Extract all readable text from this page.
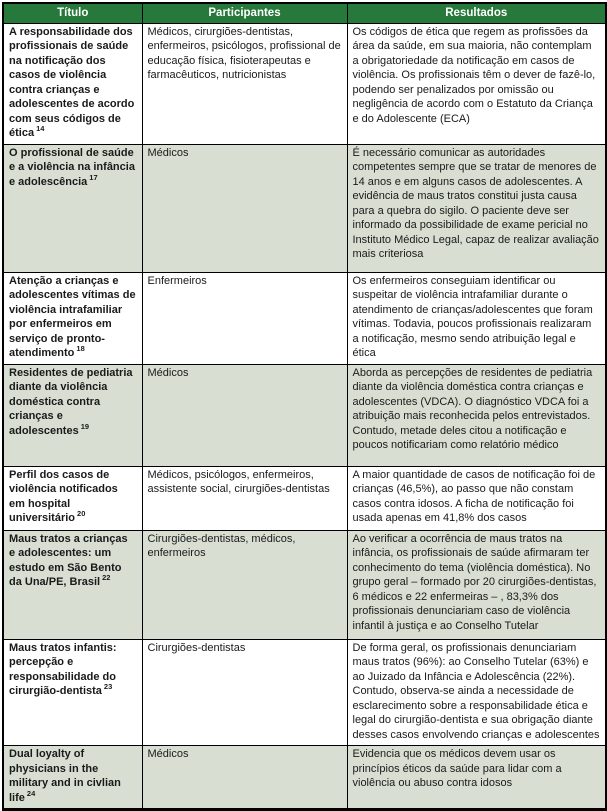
Título	Participantes	Resultados
A responsabilidade dos profissionais de saúde na notificação dos casos de violência contra crianças e adolescentes de acordo com seus códigos de ética $^{14}$	Médicos, cirurgiões-dentistas, enfermeiros, psicólogos, profissional de educação física, fisioterapeutas e farmacêuticos, nutricionistas	Os códigos de ética que regem as profissões da área da saúde, em sua maioria, não contemplam a obrigatoriedade da notificação em casos de violência. Os profissionais têm o dever de fazê-lo, podendo ser penalizados por omissão ou negligência de acordo com o Estatuto da Criança e do Adolescente (ECA)
O profissional de saúde e a violência na infância e adolescência $^{17}$	Médicos	É necessário comunicar as autoridades competentes sempre que se tratar de menores de 14 anos e em alguns casos de adolescentes. A evidência de maus tratos constitui justa causa para a quebra do sigilo. O paciente deve ser informado da possibilidade de exame pericial no Instituto Médico Legal, capaz de realizar avaliação mais criteriosa
Atenção a crianças e adolescentes vítimas de violência intrafamiliar por enfermeiros em serviço de pronto-atendimento $^{18}$	Enfermeiros	Os enfermeiros conseguiam identificar ou suspeitar de violência intrafamiliar durante o atendimento de crianças/adolescentes que foram vítimas. Todavia, poucos profissionais realizaram a notificação, mesmo sendo atribuição legal e ética
Residentes de pediatria diante da violência doméstica contra crianças e adolescentes $^{19}$	Médicos	Aborda as percepções de residentes de pediatria diante da violência doméstica contra crianças e adolescentes (VDCA). O diagnóstico VDCA foi a atribuição mais reconhecida pelos entrevistados. Contudo, metade deles citou a notificação e poucos notificariam como relatório médico
Perfil dos casos de violência notificados em hospital universitário $^{20}$	Médicos, psicólogos, enfermeiros, assistente social, cirurgiões-dentistas	A maior quantidade de casos de notificação foi de crianças (46,5%), ao passo que não constam casos contra idosos. A ficha de notificação foi usada apenas em 41,8% dos casos
Maus tratos a crianças e adolescentes: um estudo em São Bento da Una/PE, Brasil $^{22}$	Cirurgiões-dentistas, médicos, enfermeiros	Ao verificar a ocorrência de maus tratos na infância, os profissionais de saúde afirmaram ter conhecimento do tema (violência doméstica). No grupo geral – formado por 20 cirurgiões-dentistas, 6 médicos e 22 enfermeiras – , 83,3% dos profissionais denunciariam caso de violência infantil à justiça e ao Conselho Tutelar
Maus tratos infantis: percepção e responsabilidade do cirurgião-dentista $^{23}$	Cirurgiões-dentistas	De forma geral, os profissionais denunciariam maus tratos (96%): ao Conselho Tutelar (63%) e ao Juizado da Infância e Adolescência (22%). Contudo, observa-se ainda a necessidade de esclarecimento sobre a responsabilidade ética e legal do cirurgião-dentista e sua obrigação diante desses casos envolvendo crianças e adolescentes
Dual loyalty of physicians in the military and in civlian life $^{24}$	Médicos	Evidencia que os médicos devem usar os princípios éticos da saúde para lidar com a violência ou abuso contra idosos
